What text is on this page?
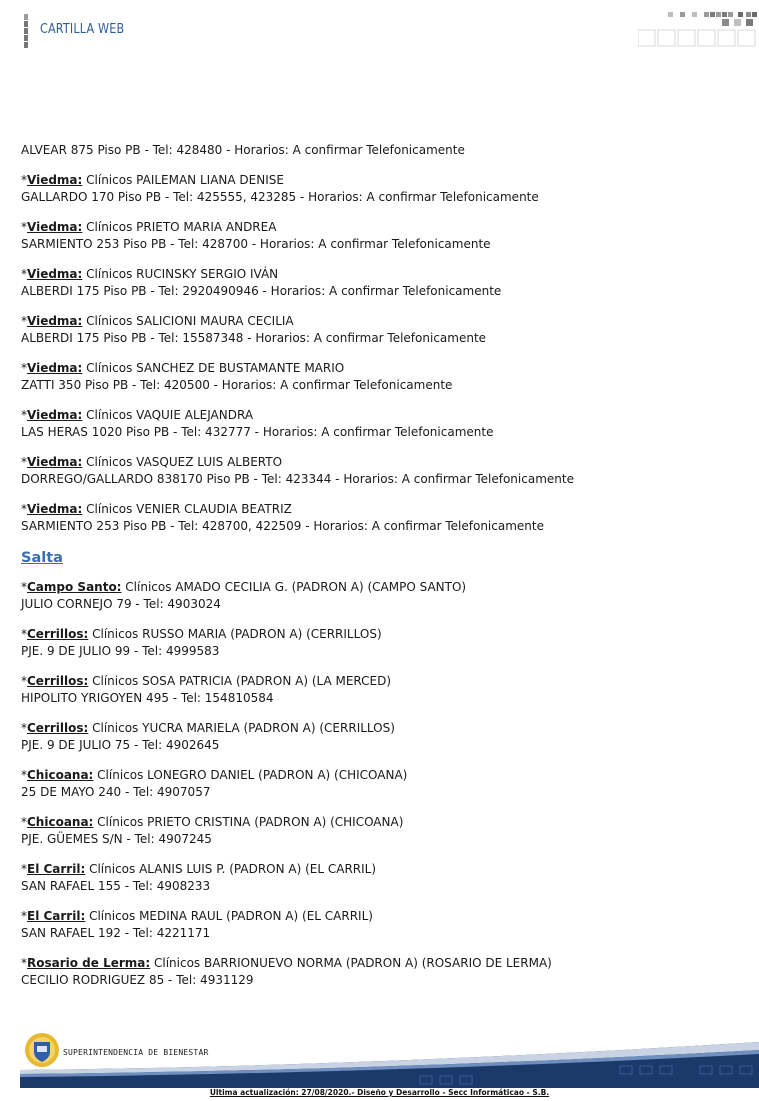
CARTILLA WEB
ALVEAR 875 Piso PB - Tel: 428480 - Horarios: A confirmar Telefonicamente
*Viedma: Clínicos PAILEMAN LIANA DENISE
GALLARDO 170 Piso PB - Tel: 425555, 423285 - Horarios: A confirmar Telefonicamente
*Viedma: Clínicos PRIETO MARIA ANDREA
SARMIENTO 253 Piso PB - Tel: 428700 - Horarios: A confirmar Telefonicamente
*Viedma: Clínicos RUCINSKY SERGIO IVÁN
ALBERDI 175 Piso PB - Tel: 2920490946 - Horarios: A confirmar Telefonicamente
*Viedma: Clínicos SALICIONI MAURA CECILIA
ALBERDI 175 Piso PB - Tel: 15587348 - Horarios: A confirmar Telefonicamente
*Viedma: Clínicos SANCHEZ DE BUSTAMANTE MARIO
ZATTI 350 Piso PB - Tel: 420500 - Horarios: A confirmar Telefonicamente
*Viedma: Clínicos VAQUIE ALEJANDRA
LAS HERAS 1020 Piso PB - Tel: 432777 - Horarios: A confirmar Telefonicamente
*Viedma: Clínicos VASQUEZ LUIS ALBERTO
DORREGO/GALLARDO 838170 Piso PB - Tel: 423344 - Horarios: A confirmar Telefonicamente
*Viedma: Clínicos VENIER CLAUDIA BEATRIZ
SARMIENTO 253 Piso PB - Tel: 428700, 422509 - Horarios: A confirmar Telefonicamente
Salta
*Campo Santo: Clínicos AMADO CECILIA G. (PADRON A) (CAMPO SANTO)
JULIO CORNEJO 79 - Tel: 4903024
*Cerrillos: Clínicos RUSSO MARIA (PADRON A) (CERRILLOS)
PJE. 9 DE JULIO 99 - Tel: 4999583
*Cerrillos: Clínicos SOSA PATRICIA (PADRON A) (LA MERCED)
HIPOLITO YRIGOYEN 495 - Tel: 154810584
*Cerrillos: Clínicos YUCRA MARIELA (PADRON A) (CERRILLOS)
PJE. 9 DE JULIO 75 - Tel: 4902645
*Chicoana: Clínicos LONEGRO DANIEL (PADRON A) (CHICOANA)
25 DE MAYO 240 - Tel: 4907057
*Chicoana: Clínicos PRIETO CRISTINA (PADRON A) (CHICOANA)
PJE. GÜEMES S/N - Tel: 4907245
*El Carril: Clínicos ALANIS LUIS P. (PADRON A) (EL CARRIL)
SAN RAFAEL 155 - Tel: 4908233
*El Carril: Clínicos MEDINA RAUL (PADRON A) (EL CARRIL)
SAN RAFAEL 192 - Tel: 4221171
*Rosario de Lerma: Clínicos BARRIONUEVO NORMA (PADRON A) (ROSARIO DE LERMA)
CECILIO RODRIGUEZ 85 - Tel: 4931129
SUPERINTENDENCIA DE BIENESTAR
Ultima actualización: 27/08/2020.- Diseño y Desarrollo - Secc Informáticao - S.B.
